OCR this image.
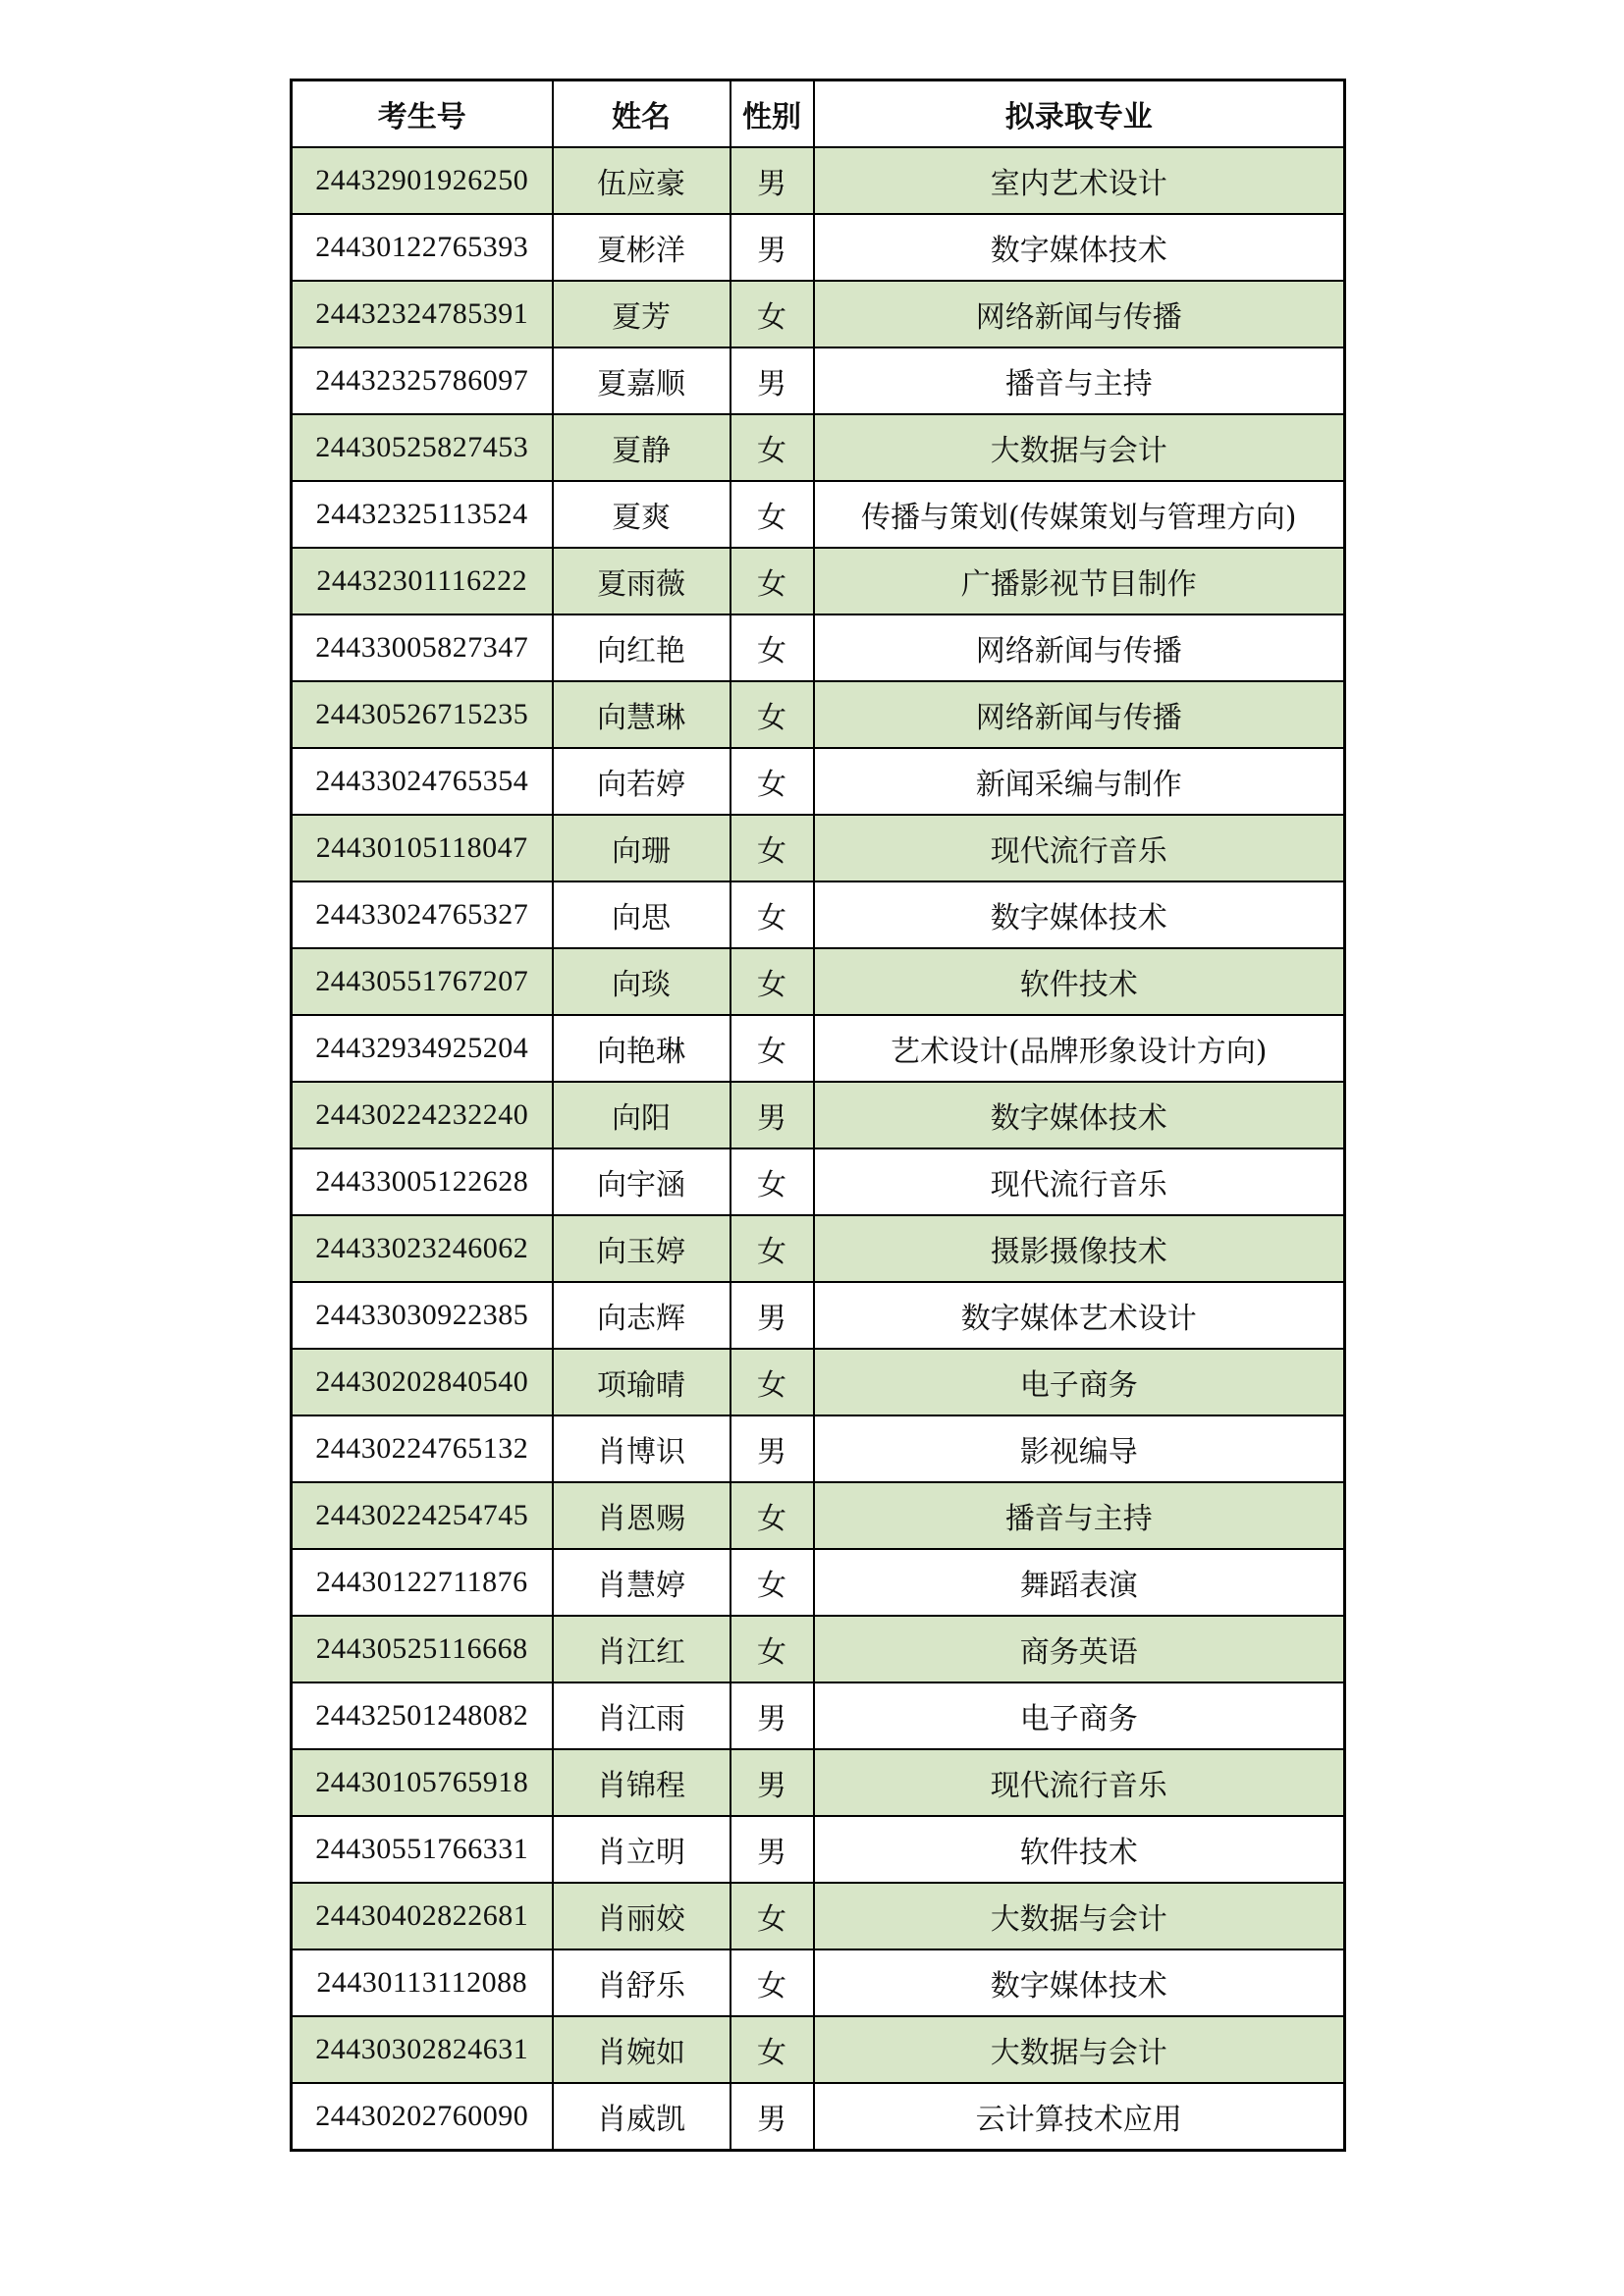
考生号	姓名	性别	拟录取专业
24432901926250	伍应豪	男	室内艺术设计
24430122765393	夏彬洋	男	数字媒体技术
24432324785391	夏芳	女	网络新闻与传播
24432325786097	夏嘉顺	男	播音与主持
24430525827453	夏静	女	大数据与会计
24432325113524	夏爽	女	传播与策划(传媒策划与管理方向)
24432301116222	夏雨薇	女	广播影视节目制作
24433005827347	向红艳	女	网络新闻与传播
24430526715235	向慧琳	女	网络新闻与传播
24433024765354	向若婷	女	新闻采编与制作
24430105118047	向珊	女	现代流行音乐
24433024765327	向思	女	数字媒体技术
24430551767207	向琰	女	软件技术
24432934925204	向艳琳	女	艺术设计(品牌形象设计方向)
24430224232240	向阳	男	数字媒体技术
24433005122628	向宇涵	女	现代流行音乐
24433023246062	向玉婷	女	摄影摄像技术
24433030922385	向志辉	男	数字媒体艺术设计
24430202840540	项瑜晴	女	电子商务
24430224765132	肖博识	男	影视编导
24430224254745	肖恩赐	女	播音与主持
24430122711876	肖慧婷	女	舞蹈表演
24430525116668	肖江红	女	商务英语
24432501248082	肖江雨	男	电子商务
24430105765918	肖锦程	男	现代流行音乐
24430551766331	肖立明	男	软件技术
24430402822681	肖丽姣	女	大数据与会计
24430113112088	肖舒乐	女	数字媒体技术
24430302824631	肖婉如	女	大数据与会计
24430202760090	肖威凯	男	云计算技术应用
